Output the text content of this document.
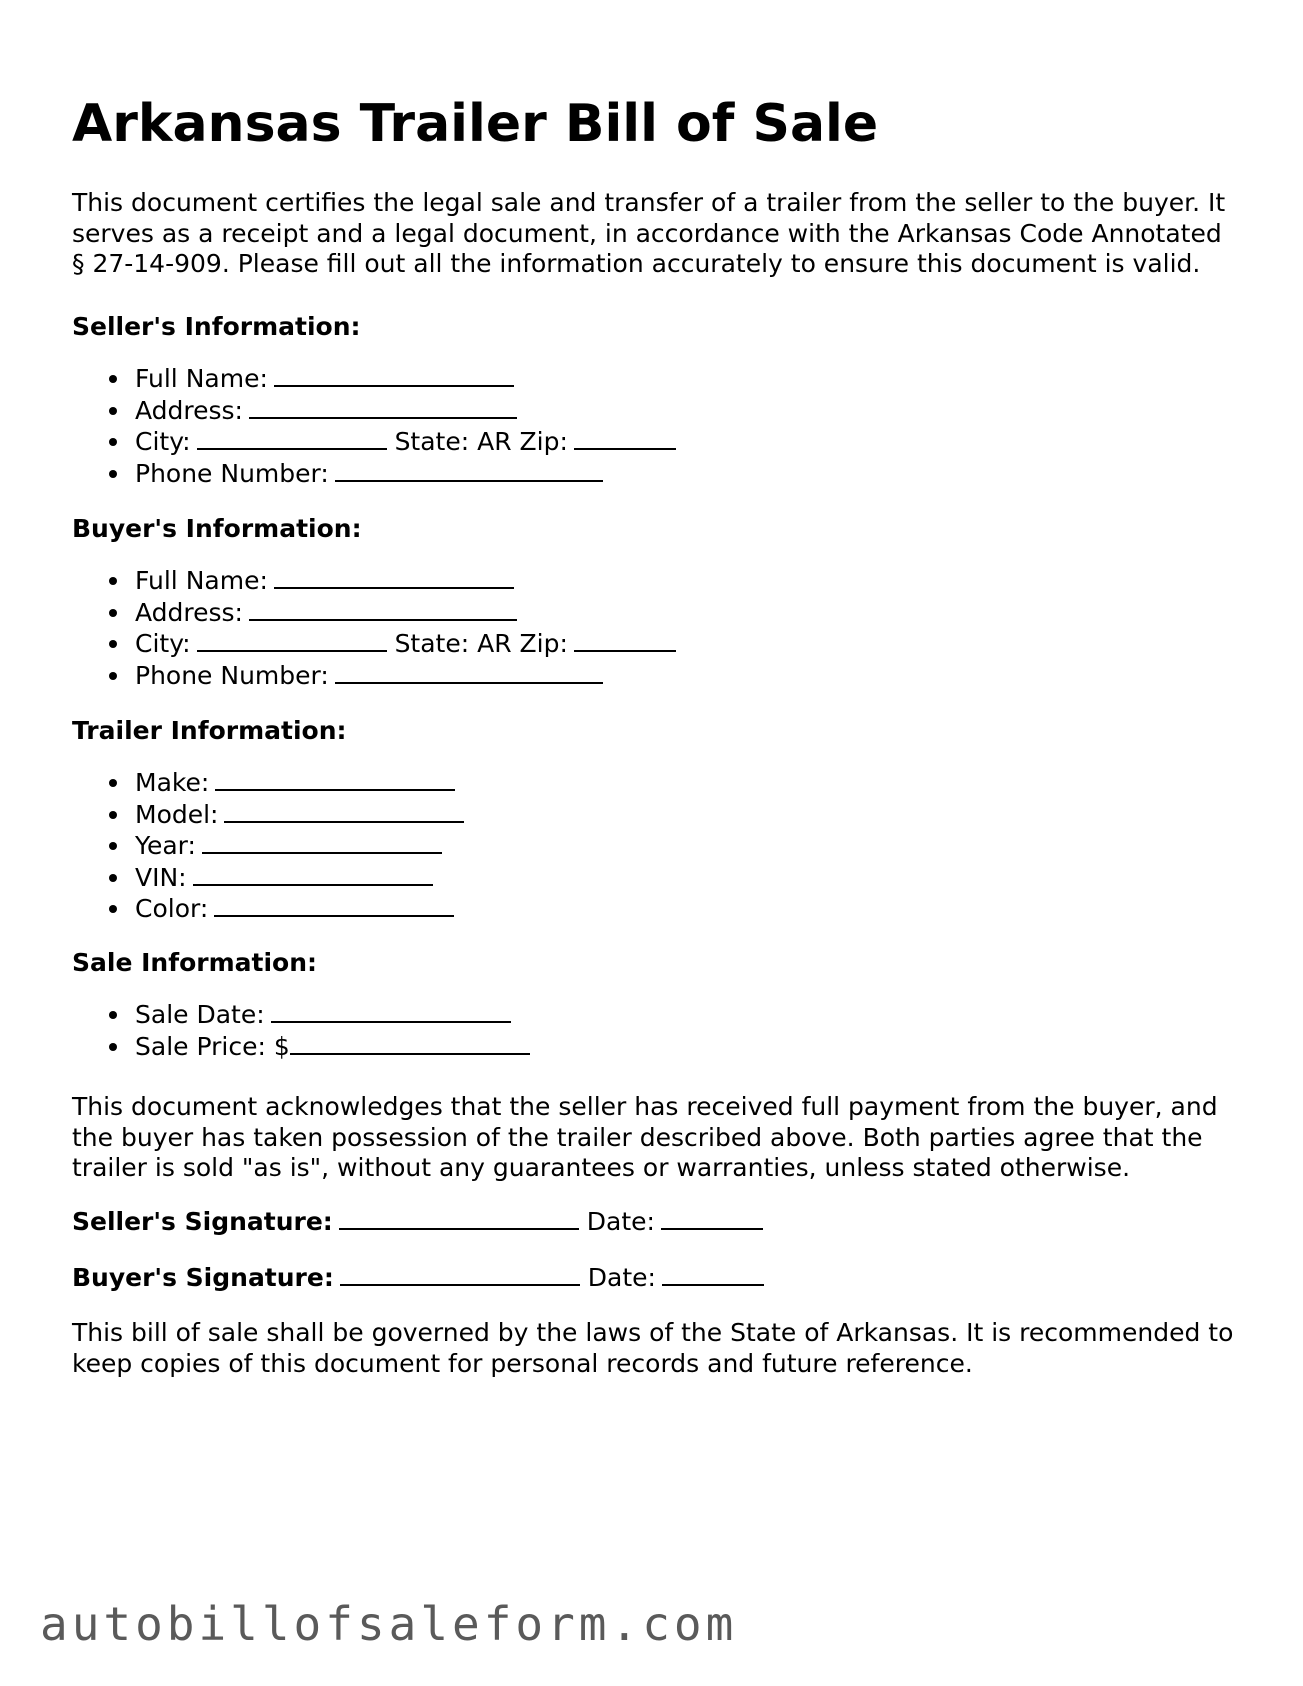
Arkansas Trailer Bill of Sale

This document certifies the legal sale and transfer of a trailer from the seller to the buyer. It serves as a receipt and a legal document, in accordance with the Arkansas Code Annotated § 27-14-909. Please fill out all the information accurately to ensure this document is valid.

Seller's Information:
Full Name:
Address:
City:	State: AR Zip:
Phone Number:
Buyer's Information:
Full Name:
Address:
City:	State: AR Zip:
Phone Number:
Trailer Information:
Make:
Model:
Year:
VIN:
Color:
Sale Information:
Sale Date:
Sale Price: $

This document acknowledges that the seller has received full payment from the buyer, and the buyer has taken possession of the trailer described above. Both parties agree that the trailer is sold "as is", without any guarantees or warranties, unless stated otherwise.

Seller's Signature:	Date:
Buyer's Signature:	Date:

This bill of sale shall be governed by the laws of the State of Arkansas. It is recommended to keep copies of this document for personal records and future reference.

autobillofsaleform.com
